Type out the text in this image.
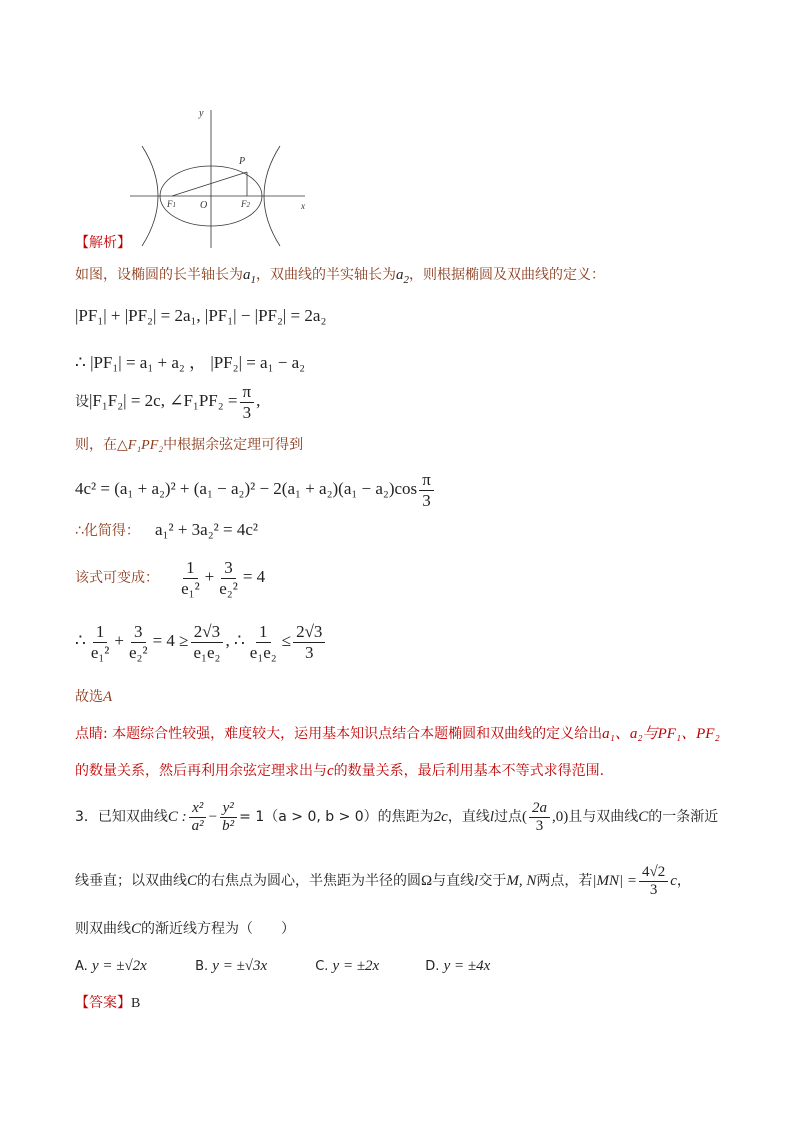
y
x
P
O
F1	F2
【解析】
如图，设椭圆的长半轴长为$a_1$，双曲线的半实轴长为$a_2$，则根据椭圆及双曲线的定义：
|PF₁| + |PF₂| = 2a₁, |PF₁| − |PF₂| = 2a₂
∴ |PF₁| = a₁ + a₂ ， |PF₂| = a₁ − a₂
设|F₁F₂| = 2c, ∠F₁PF₂ = $\frac{\pi}{3}$ ,
则，在△F₁PF₂中根据余弦定理可得到
$4c^2 = (a_1 + a_2)^2 + (a_1 - a_2)^2 - 2(a_1 + a_2)(a_1 - a_2)\cos \frac{\pi}{3}$
∴化简得： a₁² + 3a₂² = 4c²
该式可变成： $\frac{1}{\text{e₁²}} + \frac{3}{\text{e₂²}} = 4$
∴ $\frac{1}{\text{e₁²}} + \frac{3}{\text{e₂²}} = 4 \ge \frac{2√3}{\text{e₁e₂}}$ , ∴ $\frac{1}{\text{e₁e₂}} \le \frac{2√3}{3}$
故选A
点睛: 本题综合性较强，难度较大，运用基本知识点结合本题椭圆和双曲线的定义给出a₁、a₂与PF₁、PF₂
的数量关系，然后再利用余弦定理求出与c的数量关系，最后利用基本不等式求得范围.
3．已知双曲线C : $\frac{\text{x²}}{\text{a²}} - \frac{\text{y²}}{\text{b²}} = 1(a > 0$, b > 0）的焦距为2c，直线l过点( $\frac{2a}{3} ,0$)且与双曲线C的一条渐近
线垂直；以双曲线C的右焦点为圆心，半焦距为半径的圆Ω与直线l交于M, N两点，若$|MN| = \frac{4√2}{3}$ c，
则双曲线C的渐近线方程为（　　）
A. y = ±√2x	B. y = ±√3x	C. y = ±2x	D. y = ±4x
【答案】B
